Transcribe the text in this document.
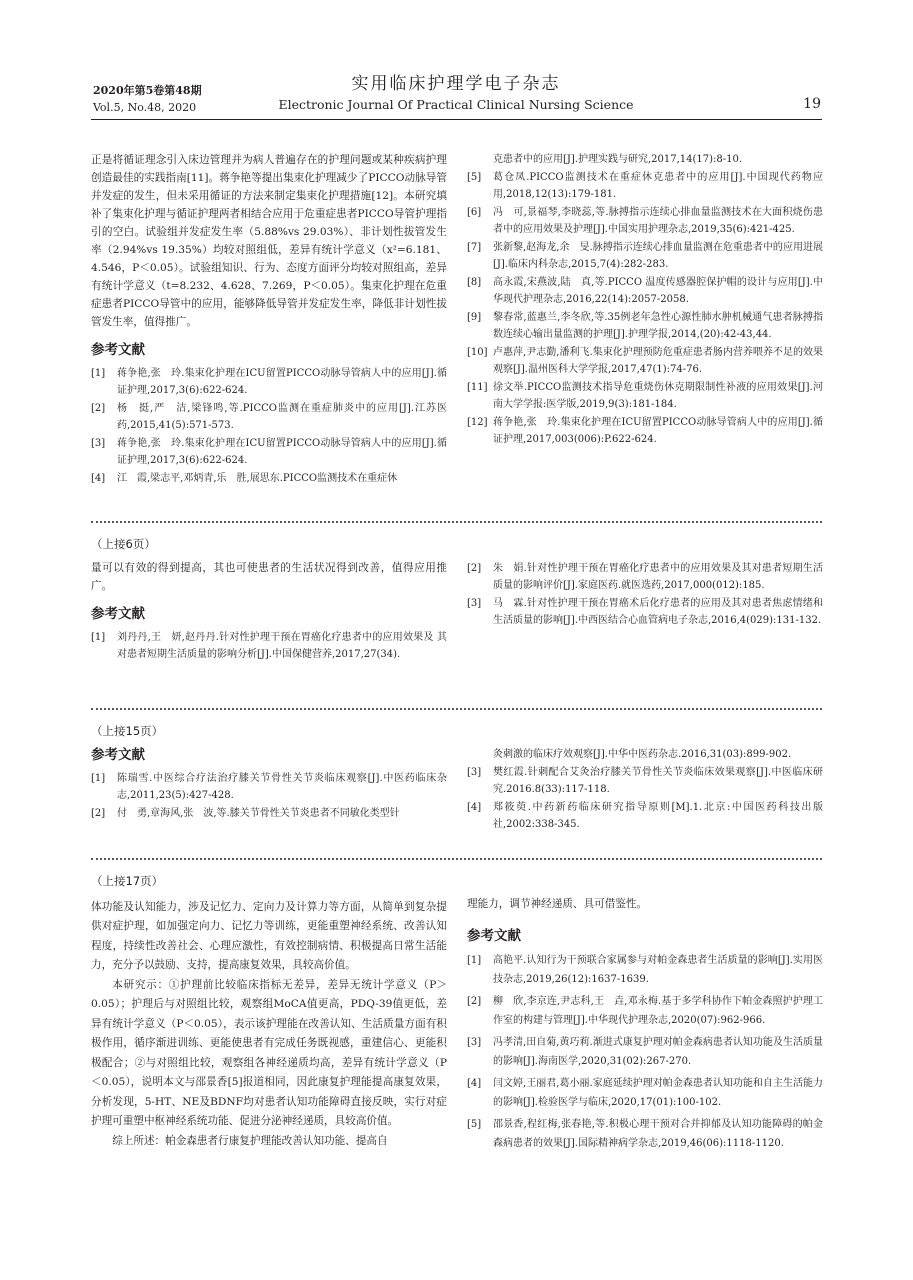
2020年第5卷第48期
Vol.5, No.48, 2020
实用临床护理学电子杂志
Electronic Journal Of Practical Clinical Nursing Science	19

正是将循证理念引入床边管理并为病人普遍存在的护理问题或某种疾病护理创造最佳的实践指南[11]。蒋争艳等提出集束化护理减少了PICCO动脉导管并发症的发生，但未采用循证的方法来制定集束化护理措施[12]。本研究填补了集束化护理与循证护理两者相结合应用于危重症患者PICCO导管护理指引的空白。试验组并发症发生率（5.88%vs 29.03%）、非计划性拔管发生率（2.94%vs 19.35%）均较对照组低，差异有统计学意义（x²=6.181、4.546，P＜0.05）。试验组知识、行为、态度方面评分均较对照组高，差异有统计学意义（t=8.232、4.628、7.269，P＜0.05）。集束化护理在危重症患者PICCO导管中的应用，能够降低导管并发症发生率，降低非计划性拔管发生率，值得推广。

参考文献
[1]	蒋争艳,张　玲.集束化护理在ICU留置PICCO动脉导管病人中的应用[J].循证护理,2017,3(6):622-624.
[2]	杨　挺,严　洁,梁锋鸣,等.PICCO监测在重症肺炎中的应用[J].江苏医药,2015,41(5):571-573.
[3]	蒋争艳,张　玲.集束化护理在ICU留置PICCO动脉导管病人中的应用[J].循证护理,2017,3(6):622-624.
[4]	江　霞,梁志平,邓炳青,乐　胜,展思东.PICCO监测技术在重症休
克患者中的应用[J].护理实践与研究,2017,14(17):8-10.
[5]	葛仓凤.PICCO监测技术在重症休克患者中的应用[J].中国现代药物应用,2018,12(13):179-181.
[6]	冯　可,景福琴,李晓蕊,等.脉搏指示连续心排血量监测技术在大面积烧伤患者中的应用效果及护理[J].中国实用护理杂志,2019,35(6):421-425.
[7]	张新黎,赵海龙,余　旻.脉搏指示连续心排血量监测在危重患者中的应用进展[J].临床内科杂志,2015,7(4):282-283.
[8]	高永霞,宋燕波,陆　真,等.PICCO 温度传感器腔保护帽的设计与应用[J].中华现代护理杂志,2016,22(14):2057-2058.
[9]	黎春常,蓝惠兰,李冬欣,等.35例老年急性心源性肺水肿机械通气患者脉搏指数连续心输出量监测的护理[J].护理学报,2014,(20):42-43,44.
[10] 卢惠萍,尹志勤,潘利飞.集束化护理预防危重症患者肠内营养喂养不足的效果观察[J].温州医科大学学报,2017,47(1):74-76.
[11] 徐文举.PICCO监测技术指导危重烧伤休克期限制性补液的应用效果[J].河南大学学报:医学版,2019,9(3):181-184.
[12] 蒋争艳,张　玲.集束化护理在ICU留置PICCO动脉导管病人中的应用[J].循证护理,2017,003(006):P.622-624.
（上接6页）

量可以有效的得到提高，其也可使患者的生活状况得到改善，值得应用推广。

参考文献
[1]	刘丹丹,王　妍,赵丹丹.针对性护理干预在胃癌化疗患者中的应用效果及 其对患者短期生活质量的影响分析[J].中国保健营养,2017,27(34).
[2]	朱　娟.针对性护理干预在胃癌化疗患者中的应用效果及其对患者短期生活质量的影响评价[J].家庭医药.就医选药,2017,000(012):185.
[3]	马　霖.针对性护理干预在胃癌术后化疗患者的应用及其对患者焦虑情绪和生活质量的影响[J].中西医结合心血管病电子杂志,2016,4(029):131-132.
（上接15页）
参考文献
[1]	陈瑞雪.中医综合疗法治疗膝关节骨性关节炎临床观察[J].中医药临床杂志,2011,23(5):427-428.
[2]	付　勇,章海风,张　波,等.膝关节骨性关节炎患者不同敏化类型针
灸刺激的临床疗效观察[J].中华中医药杂志.2016,31(03):899-902.
[3]	樊红霞.针刺配合艾灸治疗膝关节骨性关节炎临床效果观察[J].中医临床研究.2016.8(33):117-118.
[4]	郑筱萸.中药新药临床研究指导原则[M].1.北京:中国医药科技出版社,2002:338-345.
（上接17页）

体功能及认知能力，涉及记忆力、定向力及计算力等方面，从简单到复杂提供对症护理，如加强定向力、记忆力等训练，更能重塑神经系统、改善认知程度，持续性改善社会、心理应激性，有效控制病情、积极提高日常生活能力，充分予以鼓励、支持，提高康复效果，具较高价值。

本研究示：①护理前比较临床指标无差异，差异无统计学意义（P＞0.05）；护理后与对照组比较，观察组MoCA值更高，PDQ-39值更低，差异有统计学意义（P＜0.05），表示该护理能在改善认知、生活质量方面有积极作用，循序渐进训练、更能使患者有完成任务既视感，重建信心、更能积极配合；②与对照组比较，观察组各神经递质均高，差异有统计学意义（P＜0.05），说明本文与邵景香[5]报道相同，因此康复护理能提高康复效果，分析发现，5-HT、NE及BDNF均对患者认知功能障碍直接反映，实行对症护理可重塑中枢神经系统功能、促进分泌神经递质，具较高价值。

综上所述：帕金森患者行康复护理能改善认知功能、提高自

理能力，调节神经递质、具可借鉴性。

参考文献
[1]	高艳平.认知行为干预联合家属参与对帕金森患者生活质量的影响[J].实用医技杂志,2019,26(12):1637-1639.
[2]	柳　欣,李京连,尹志科,王　垚,邓永梅.基于多学科协作下帕金森照护护理工作室的构建与管理[J].中华现代护理杂志,2020(07):962-966.
[3]	冯孝清,田自菊,黄巧莉.渐进式康复护理对帕金森病患者认知功能及生活质量的影响[J].海南医学,2020,31(02):267-270.
[4]	闫文婷,王丽君,葛小丽.家庭延续护理对帕金森患者认知功能和自主生活能力的影响[J].检验医学与临床,2020,17(01):100-102.
[5]	邵景香,程红梅,张春艳,等.积极心理干预对合并抑郁及认知功能障碍的帕金森病患者的效果[J].国际精神病学杂志,2019,46(06):1118-1120.
